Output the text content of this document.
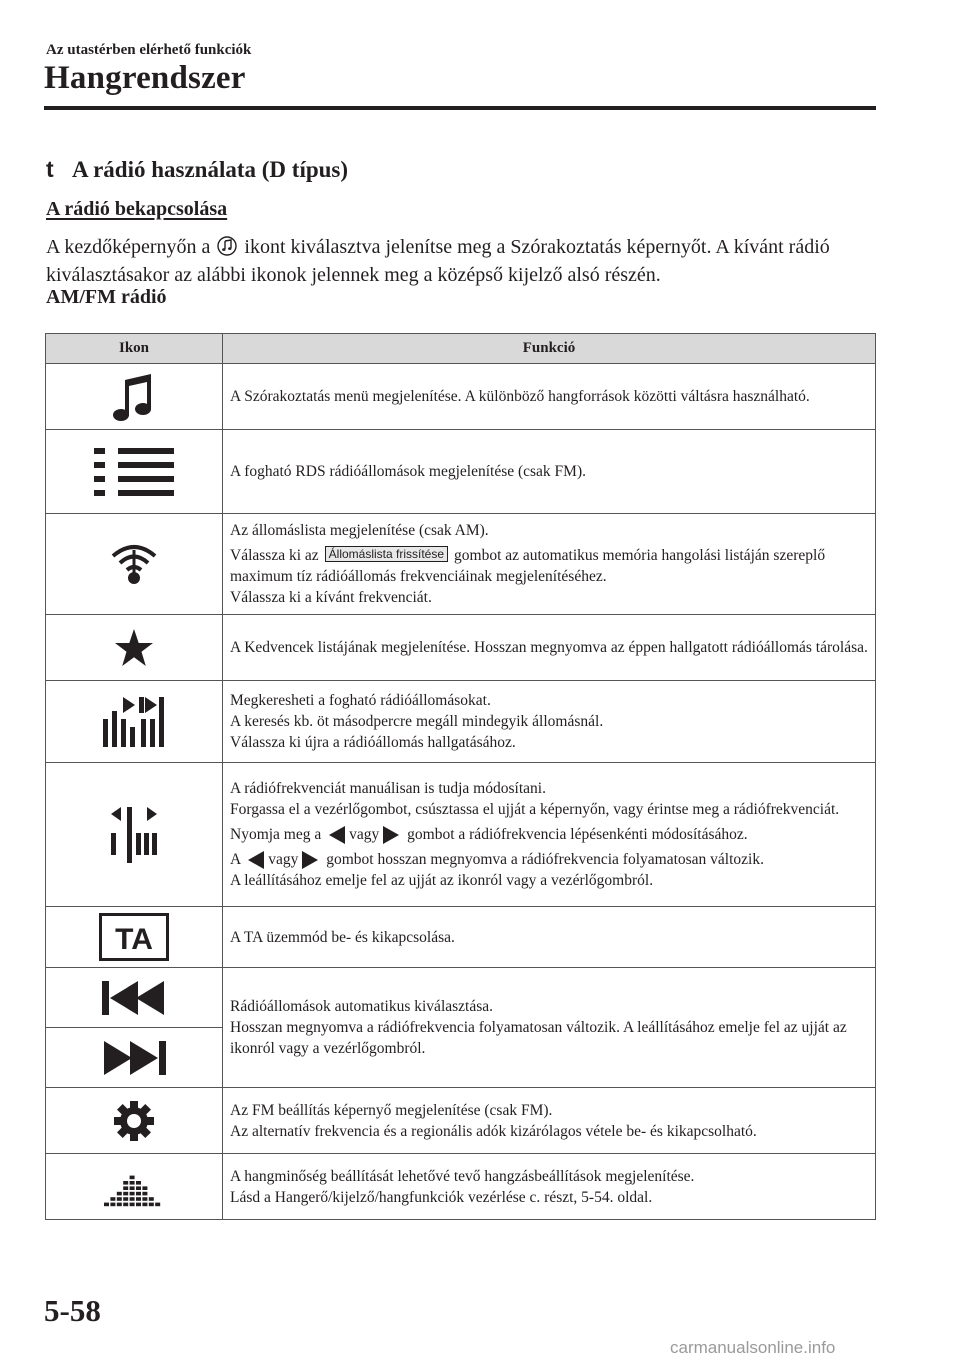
Az utastérben elérhető funkciók
Hangrendszer
t A rádió használata (D típus)
A rádió bekapcsolása
A kezdőképernyőn a ikont kiválasztva jelenítse meg a Szórakoztatás képernyőt. A kívánt rádió kiválasztásakor az alábbi ikonok jelennek meg a középső kijelző alsó részén.
AM/FM rádió
Ikon	Funkció

A Szórakoztatás menü megjelenítése. A különböző hangforrások közötti váltásra használható.

A fogható RDS rádióállomások megjelenítése (csak FM).

Az állomáslista megjelenítése (csak AM).

Válassza ki az Állomáslista frissítése gombot az automatikus memória hangolási listáján szereplő maximum tíz rádióállomás frekvenciáinak megjelenítéséhez.
Válassza ki a kívánt frekvenciát.

A Kedvencek listájának megjelenítése. Hosszan megnyomva az éppen hallgatott rádióállomás tárolása.

Megkeresheti a fogható rádióállomásokat.
A keresés kb. öt másodpercre megáll mindegyik állomásnál.
Válassza ki újra a rádióállomás hallgatásához.

A rádiófrekvenciát manuálisan is tudja módosítani.
Forgassa el a vezérlőgombot, csúsztassa el ujját a képernyőn, vagy érintse meg a rádiófrekvenciát.

Nyomja meg a vagy gombot a rádiófrekvencia lépésenkénti módosításához.

A vagy gombot hosszan megnyomva a rádiófrekvencia folyamatosan változik.
A leállításához emelje fel az ujját az ikonról vagy a vezérlőgombról.

TA	A TA üzemmód be- és kikapcsolása.

Rádióállomások automatikus kiválasztása.
Hosszan megnyomva a rádiófrekvencia folyamatosan változik. A leállításához emelje fel az ujját az ikonról vagy a vezérlőgombról.

Az FM beállítás képernyő megjelenítése (csak FM).
Az alternatív frekvencia és a regionális adók kizárólagos vétele be- és kikapcsolható.

A hangminőség beállítását lehetővé tevő hangzásbeállítások megjelenítése.
Lásd a Hangerő/kijelző/hangfunkciók vezérlése c. részt, 5-54. oldal.

5-58
carmanualsonline.info
